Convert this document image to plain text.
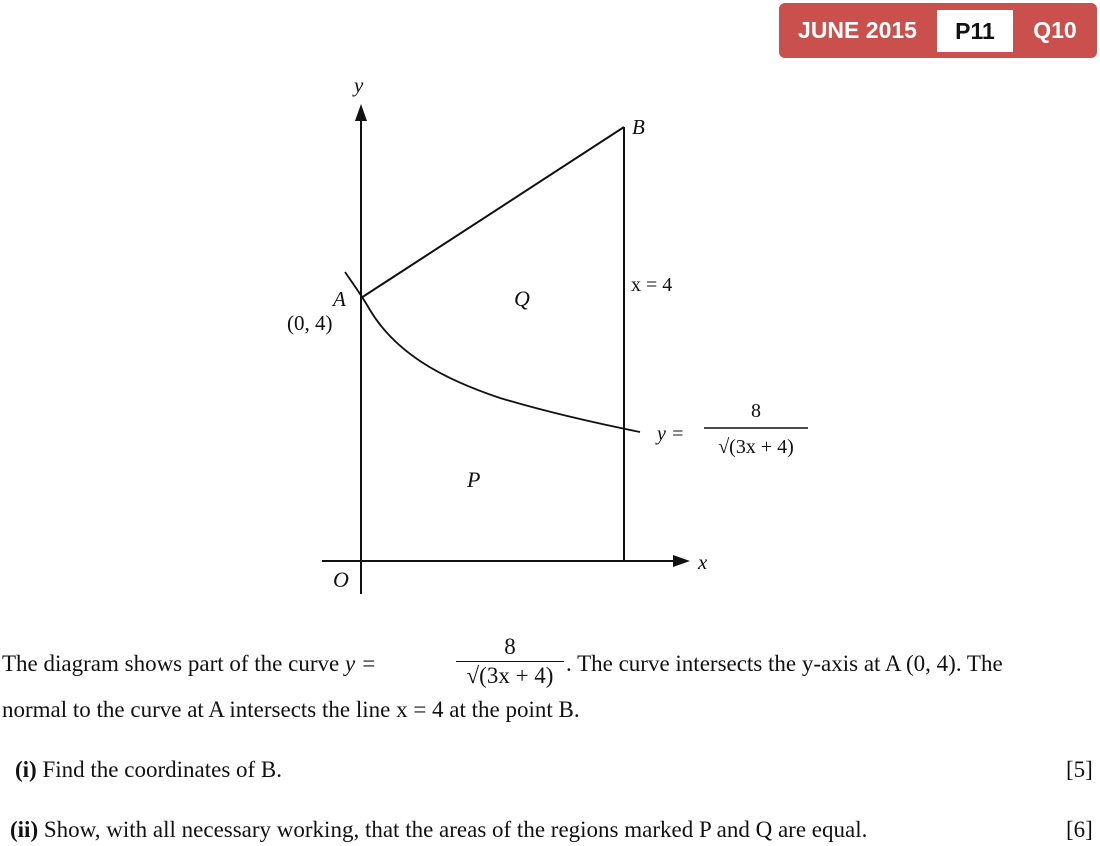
JUNE 2015	P11	Q10
y
x
O
A
(0, 4)
B
x = 4
Q
P
y =
8
√(3x + 4)
The diagram shows part of the curve y =
8
√(3x + 4) . The curve intersects the y-axis at A (0, 4). The
normal to the curve at A intersects the line x = 4 at the point B.
(i) Find the coordinates of B.	[5]
(ii) Show, with all necessary working, that the areas of the regions marked P and Q are equal.	[6]
